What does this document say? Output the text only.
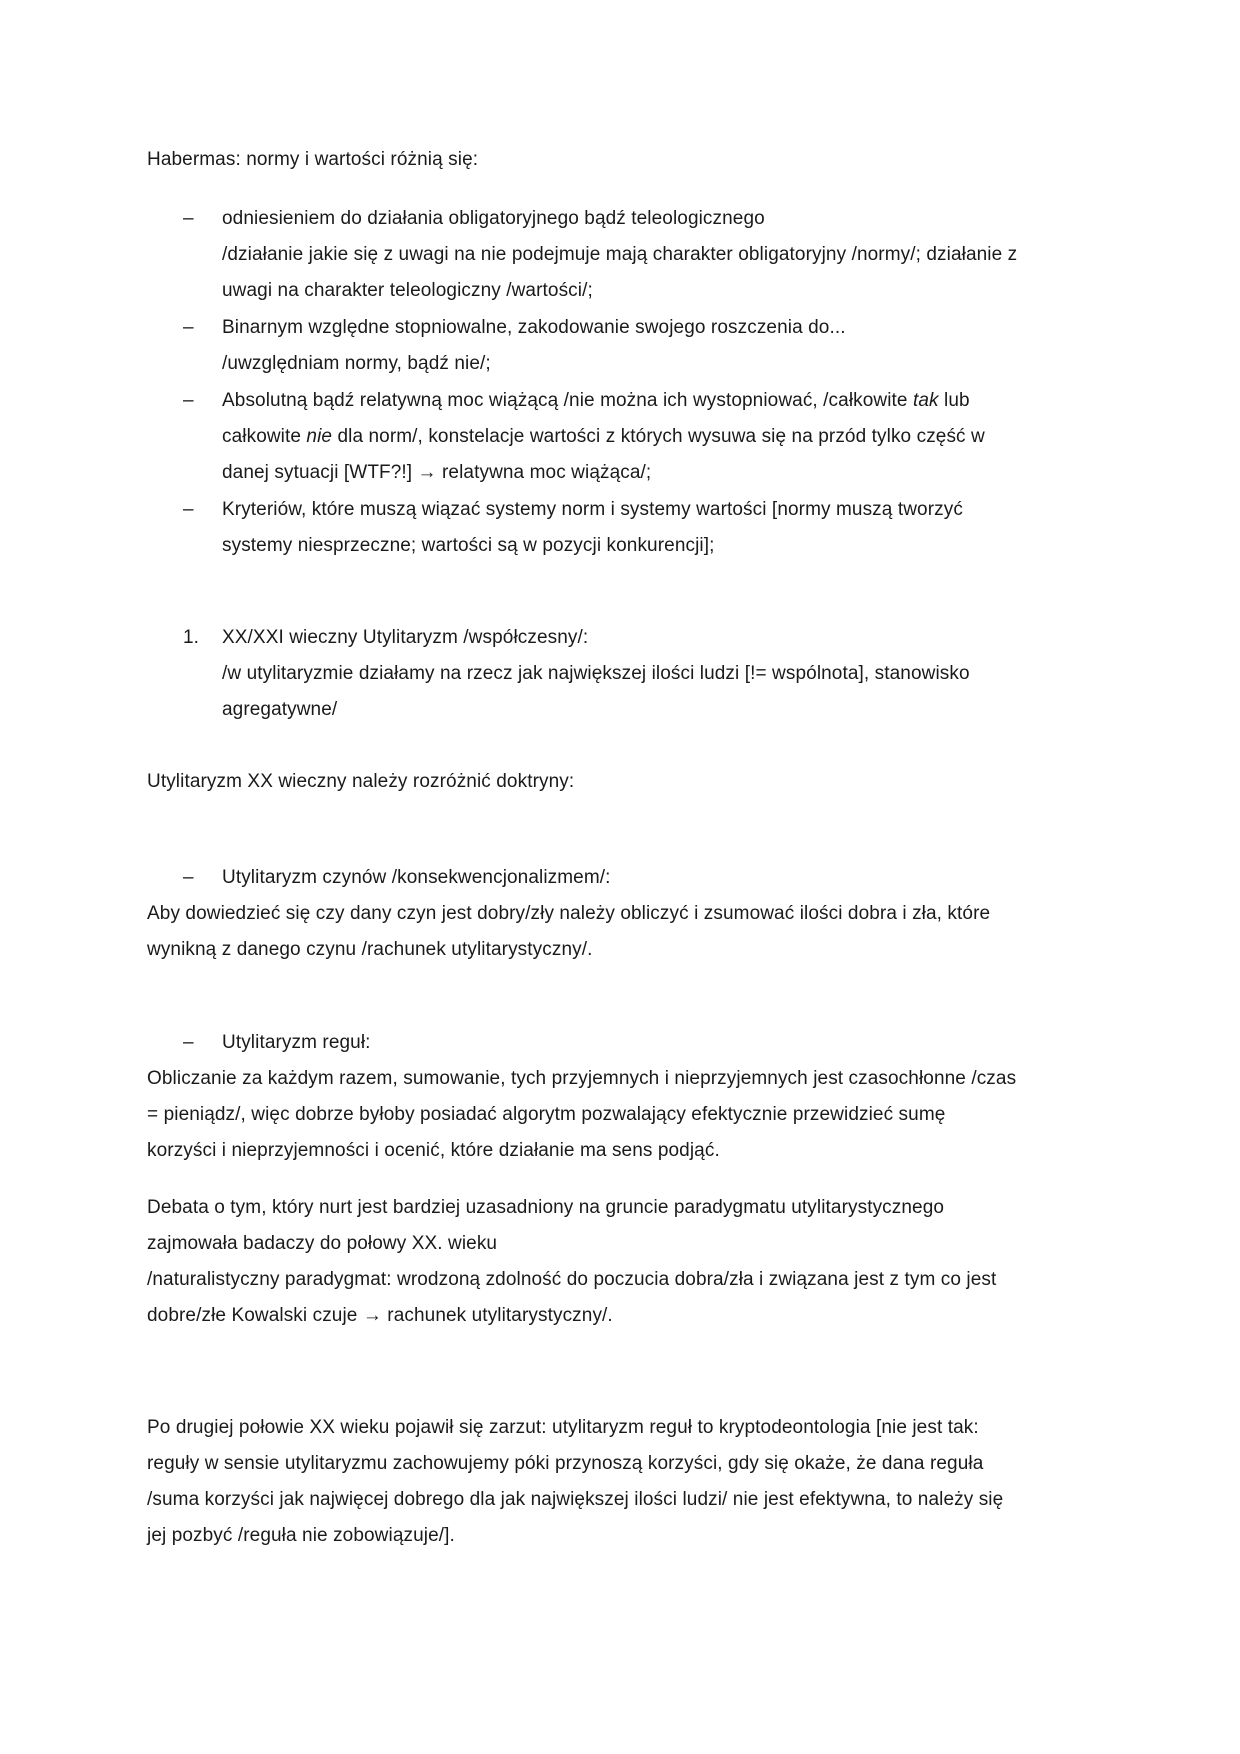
Habermas: normy i wartości różnią się:
– odniesieniem do działania obligatoryjnego bądź teleologicznego
/działanie jakie się z uwagi na nie podejmuje mają charakter obligatoryjny /normy/; działanie z
uwagi na charakter teleologiczny /wartości/;
– Binarnym względne stopniowalne, zakodowanie swojego roszczenia do...
/uwzględniam normy, bądź nie/;
– Absolutną bądź relatywną moc wiążącą /nie można ich wystopniować, /całkowite tak lub
całkowite nie dla norm/, konstelacje wartości z których wysuwa się na przód tylko część w
danej sytuacji [WTF?!] → relatywna moc wiążąca/;
– Kryteriów, które muszą wiązać systemy norm i systemy wartości [normy muszą tworzyć
systemy niesprzeczne; wartości są w pozycji konkurencji];
1. XX/XXI wieczny Utylitaryzm /współczesny/:
/w utylitaryzmie działamy na rzecz jak największej ilości ludzi [!= wspólnota], stanowisko
agregatywne/
Utylitaryzm XX wieczny należy rozróżnić doktryny:
– Utylitaryzm czynów /konsekwencjonalizmem/:
Aby dowiedzieć się czy dany czyn jest dobry/zły należy obliczyć i zsumować ilości dobra i zła, które
wynikną z danego czynu /rachunek utylitarystyczny/.
– Utylitaryzm reguł:
Obliczanie za każdym razem, sumowanie, tych przyjemnych i nieprzyjemnych jest czasochłonne /czas
= pieniądz/, więc dobrze byłoby posiadać algorytm pozwalający efektycznie przewidzieć sumę
korzyści i nieprzyjemności i ocenić, które działanie ma sens podjąć.
Debata o tym, który nurt jest bardziej uzasadniony na gruncie paradygmatu utylitarystycznego
zajmowała badaczy do połowy XX. wieku
/naturalistyczny paradygmat: wrodzoną zdolność do poczucia dobra/zła i związana jest z tym co jest
dobre/złe Kowalski czuje → rachunek utylitarystyczny/.
Po drugiej połowie XX wieku pojawił się zarzut: utylitaryzm reguł to kryptodeontologia [nie jest tak:
reguły w sensie utylitaryzmu zachowujemy póki przynoszą korzyści, gdy się okaże, że dana reguła
/suma korzyści jak najwięcej dobrego dla jak największej ilości ludzi/ nie jest efektywna, to należy się
jej pozbyć /reguła nie zobowiązuje/].
